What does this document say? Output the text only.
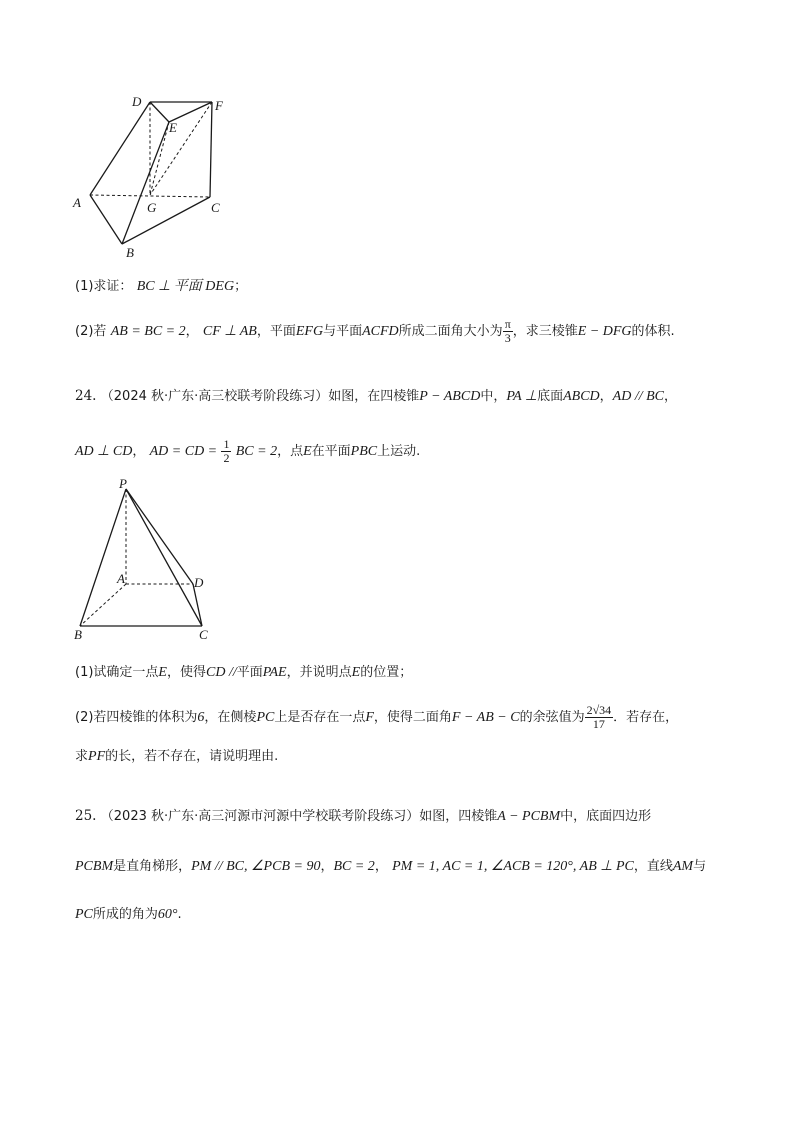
D	F
E
A	G	C
B
(1)求证： BC ⊥ 平面 DEG；
(2)若 AB = BC = 2， CF ⊥ AB，平面EFG与平面ACFD所成二面角大小为 $\frac{\pi}{3}$ ，求三棱锥E − DFG的体积.
24. （2024 秋·广东·高三校联考阶段练习）如图，在四棱锥P − ABCD中，PA ⊥底面ABCD，AD // BC，
AD ⊥ CD， AD = CD = $\frac{1}{2}$ BC = 2，点E在平面PBC上运动.
P
A	D
B	C
(1)试确定一点E，使得CD //平面PAE，并说明点E的位置；
(2)若四棱锥的体积为6，在侧棱PC上是否存在一点F，使得二面角F − AB − C的余弦值为 $\frac{2√34}{17}$ ．若存在，
求PF的长，若不存在，请说明理由.
25. （2023 秋·广东·高三河源市河源中学校联考阶段练习）如图，四棱锥A − PCBM中，底面四边形
PCBM是直角梯形，PM // BC, ∠PCB = 90，BC = 2， PM = 1, AC = 1, ∠ACB = 120°, AB ⊥ PC，直线AM与
PC所成的角为60°.
